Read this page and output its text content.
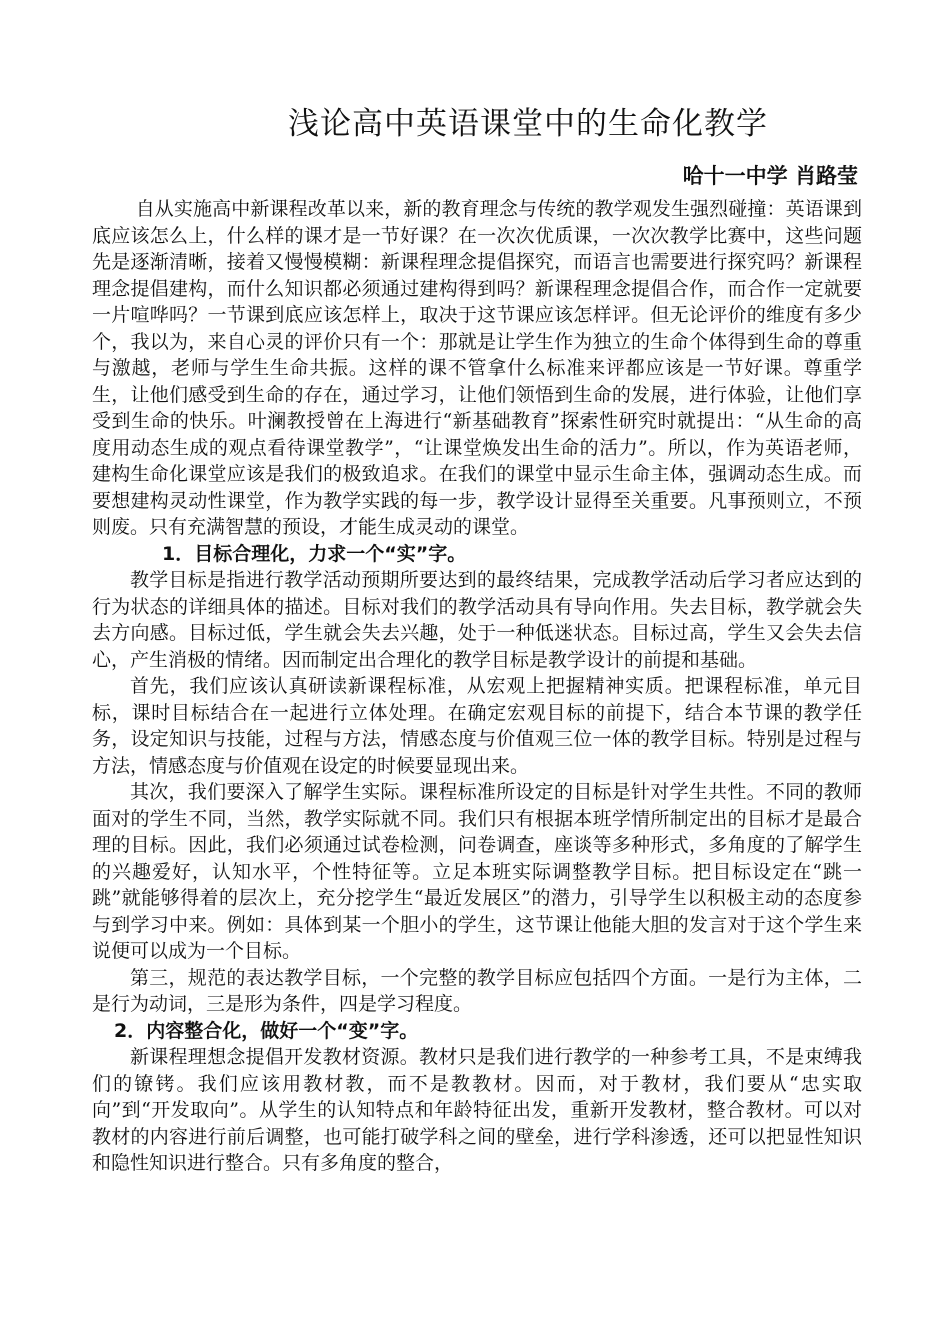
浅论高中英语课堂中的生命化教学
哈十一中学 肖路莹

自从实施高中新课程改革以来，新的教育理念与传统的教学观发生强烈碰撞：英语课到底应该怎么上，什么样的课才是一节好课？在一次次优质课，一次次教学比赛中，这些问题先是逐渐清晰，接着又慢慢模糊：新课程理念提倡探究，而语言也需要进行探究吗？新课程理念提倡建构，而什么知识都必须通过建构得到吗？新课程理念提倡合作，而合作一定就要一片喧哗吗？一节课到底应该怎样上，取决于这节课应该怎样评。但无论评价的维度有多少个，我以为，来自心灵的评价只有一个：那就是让学生作为独立的生命个体得到生命的尊重与激越，老师与学生生命共振。这样的课不管拿什么标准来评都应该是一节好课。尊重学生，让他们感受到生命的存在，通过学习，让他们领悟到生命的发展，进行体验，让他们享受到生命的快乐。叶澜教授曾在上海进行“新基础教育”探索性研究时就提出：“从生命的高度用动态生成的观点看待课堂教学”，“让课堂焕发出生命的活力”。所以，作为英语老师，建构生命化课堂应该是我们的极致追求。在我们的课堂中显示生命主体，强调动态生成。而要想建构灵动性课堂，作为教学实践的每一步，教学设计显得至关重要。凡事预则立，不预则废。只有充满智慧的预设，才能生成灵动的课堂。

1．目标合理化，力求一个“实”字。

教学目标是指进行教学活动预期所要达到的最终结果，完成教学活动后学习者应达到的行为状态的详细具体的描述。目标对我们的教学活动具有导向作用。失去目标，教学就会失去方向感。目标过低，学生就会失去兴趣，处于一种低迷状态。目标过高，学生又会失去信心，产生消极的情绪。因而制定出合理化的教学目标是教学设计的前提和基础。

首先，我们应该认真研读新课程标准，从宏观上把握精神实质。把课程标准，单元目标，课时目标结合在一起进行立体处理。在确定宏观目标的前提下，结合本节课的教学任务，设定知识与技能，过程与方法，情感态度与价值观三位一体的教学目标。特别是过程与方法，情感态度与价值观在设定的时候要显现出来。

其次，我们要深入了解学生实际。课程标准所设定的目标是针对学生共性。不同的教师面对的学生不同，当然，教学实际就不同。我们只有根据本班学情所制定出的目标才是最合理的目标。因此，我们必须通过试卷检测，问卷调查，座谈等多种形式，多角度的了解学生的兴趣爱好，认知水平，个性特征等。立足本班实际调整教学目标。把目标设定在“跳一跳”就能够得着的层次上，充分挖学生“最近发展区”的潜力，引导学生以积极主动的态度参与到学习中来。例如：具体到某一个胆小的学生，这节课让他能大胆的发言对于这个学生来说便可以成为一个目标。

第三，规范的表达教学目标，一个完整的教学目标应包括四个方面。一是行为主体，二是行为动词，三是形为条件，四是学习程度。

2．内容整合化，做好一个“变”字。

新课程理想念提倡开发教材资源。教材只是我们进行教学的一种参考工具，不是束缚我们的镣铐。我们应该用教材教，而不是教教材。因而，对于教材，我们要从“忠实取向”到“开发取向”。从学生的认知特点和年龄特征出发，重新开发教材，整合教材。可以对教材的内容进行前后调整，也可能打破学科之间的壁垒，进行学科渗透，还可以把显性知识和隐性知识进行整合。只有多角度的整合，
